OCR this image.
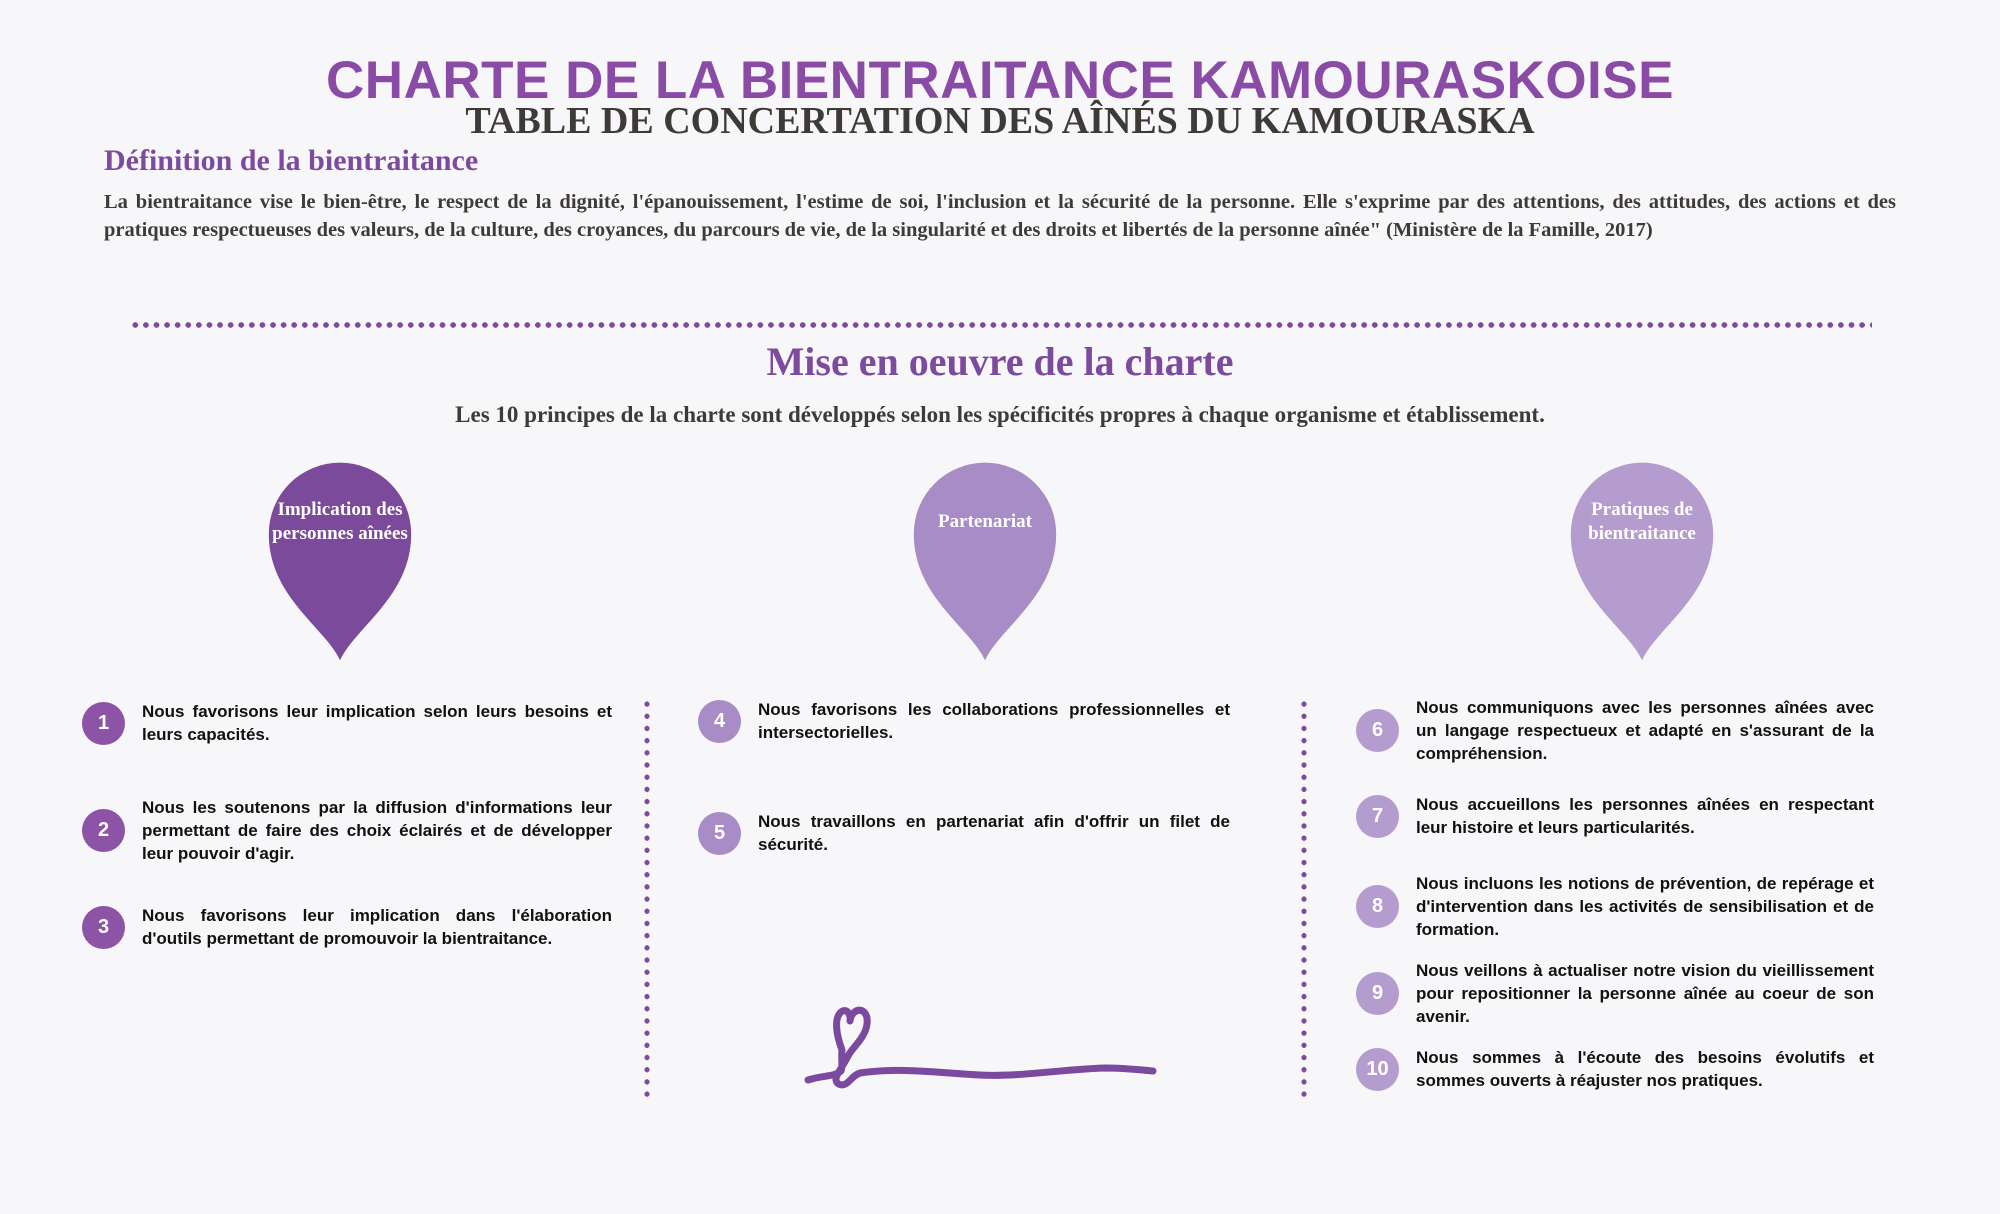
CHARTE DE LA BIENTRAITANCE KAMOURASKOISE
TABLE DE CONCERTATION DES AÎNÉS DU KAMOURASKA
Définition de la bientraitance
La bientraitance vise le bien-être, le respect de la dignité, l'épanouissement, l'estime de soi, l'inclusion et la sécurité de la personne. Elle s'exprime par des attentions, des attitudes, des actions et des pratiques respectueuses des valeurs, de la culture, des croyances, du parcours de vie, de la singularité et des droits et libertés de la personne aînée" (Ministère de la Famille, 2017)
Mise en oeuvre de la charte
Les 10 principes de la charte sont développés selon les spécificités propres à chaque organisme et établissement.
Implication des personnes aînées
Partenariat
Pratiques de bientraitance
1	Nous favorisons leur implication selon leurs besoins et leurs capacités.
2
Nous les soutenons par la diffusion d'informations leur permettant de faire des choix éclairés et de développer leur pouvoir d'agir.
3	Nous favorisons leur implication dans l'élaboration d'outils permettant de promouvoir la bientraitance.
4	Nous favorisons les collaborations professionnelles et intersectorielles.
5	Nous travaillons en partenariat afin d'offrir un filet de sécurité.
6
Nous communiquons avec les personnes aînées avec un langage respectueux et adapté en s'assurant de la compréhension.
7	Nous accueillons les personnes aînées en respectant leur histoire et leurs particularités.
8
Nous incluons les notions de prévention, de repérage et d'intervention dans les activités de sensibilisation et de formation.
9
Nous veillons à actualiser notre vision du vieillissement pour repositionner la personne aînée au coeur de son avenir.
10	Nous sommes à l'écoute des besoins évolutifs et sommes ouverts à réajuster nos pratiques.
